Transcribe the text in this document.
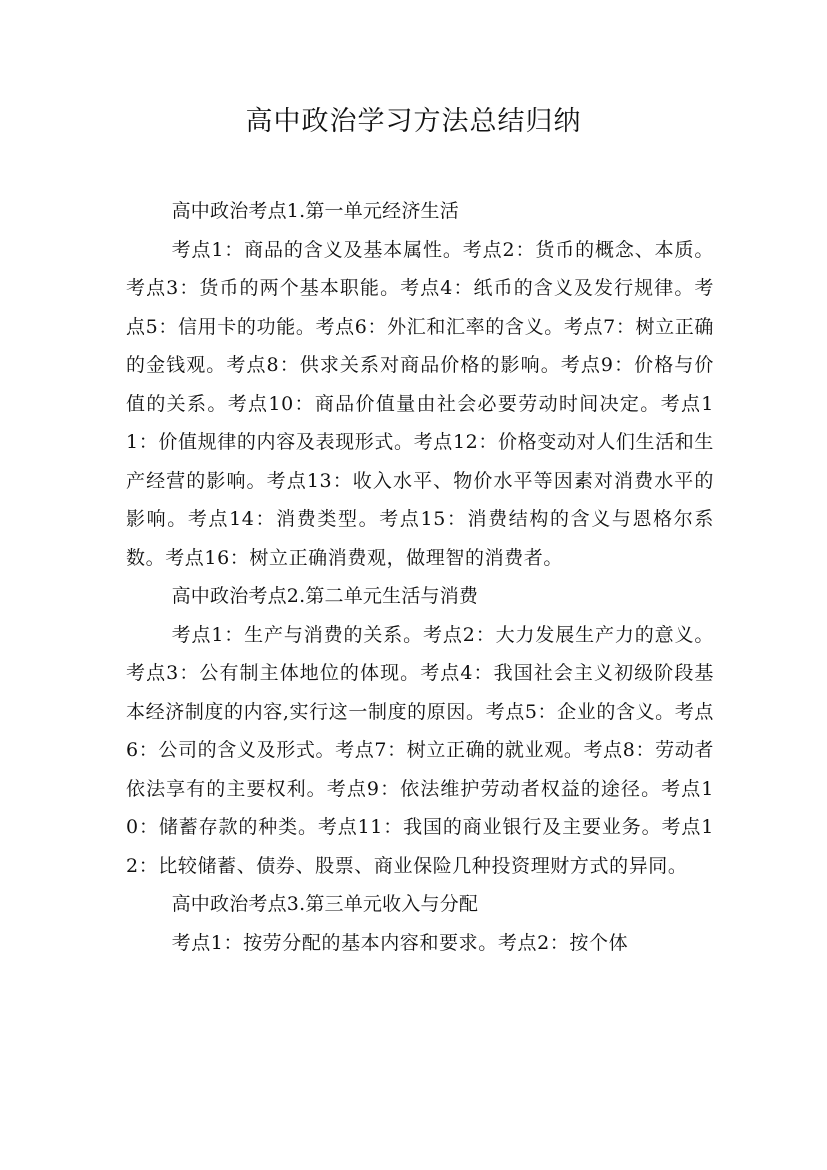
高中政治学习方法总结归纳

高中政治考点1.第一单元经济生活

考点1：商品的含义及基本属性。考点2：货币的概念、本质。考点3：货币的两个基本职能。考点4：纸币的含义及发行规律。考点5：信用卡的功能。考点6：外汇和汇率的含义。考点7：树立正确的金钱观。考点8：供求关系对商品价格的影响。考点9：价格与价值的关系。考点10：商品价值量由社会必要劳动时间决定。考点11：价值规律的内容及表现形式。考点12：价格变动对人们生活和生产经营的影响。考点13：收入水平、物价水平等因素对消费水平的影响。考点14：消费类型。考点15：消费结构的含义与恩格尔系数。考点16：树立正确消费观，做理智的消费者。

高中政治考点2.第二单元生活与消费

考点1：生产与消费的关系。考点2：大力发展生产力的意义。考点3：公有制主体地位的体现。考点4：我国社会主义初级阶段基本经济制度的内容,实行这一制度的原因。考点5：企业的含义。考点6：公司的含义及形式。考点7：树立正确的就业观。考点8：劳动者依法享有的主要权利。考点9：依法维护劳动者权益的途径。考点10：储蓄存款的种类。考点11：我国的商业银行及主要业务。考点12：比较储蓄、债券、股票、商业保险几种投资理财方式的异同。

高中政治考点3.第三单元收入与分配

考点1：按劳分配的基本内容和要求。考点2：按个体
